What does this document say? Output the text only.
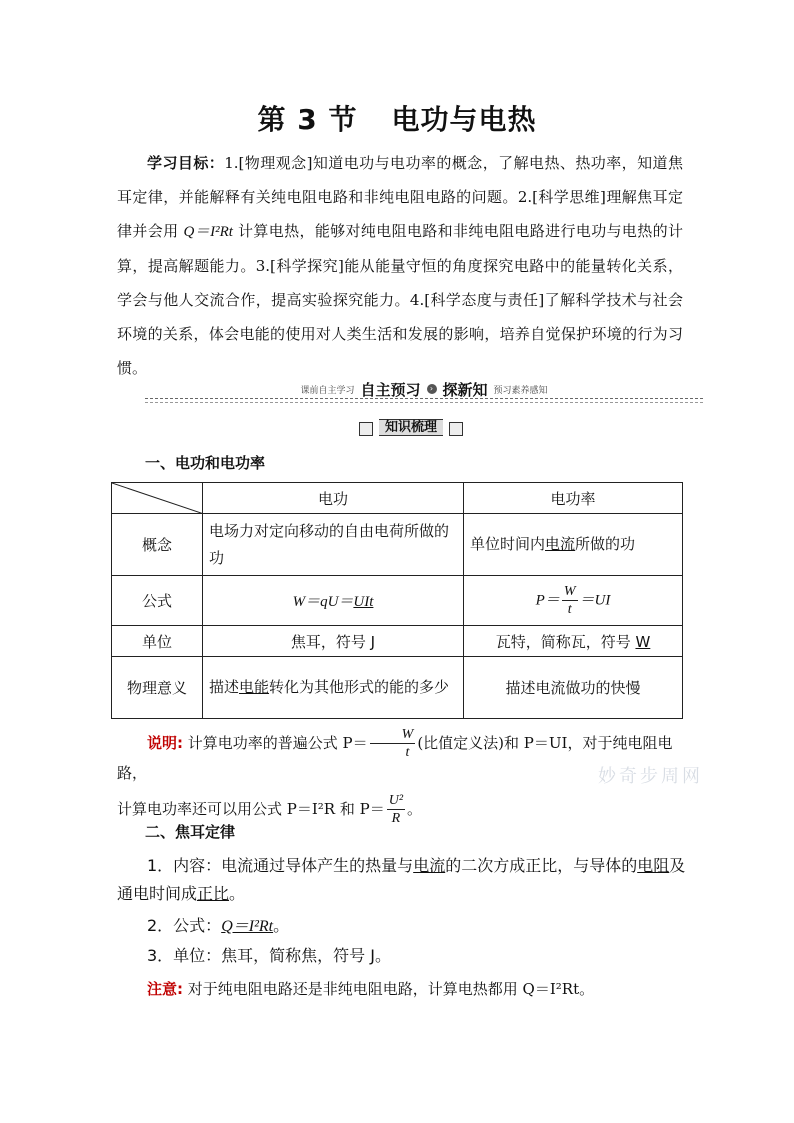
第 3 节 电功与电热
学习目标：1.[物理观念]知道电功与电功率的概念，了解电热、热功率，知道焦耳定律，并能解释有关纯电阻电路和非纯电阻电路的问题。2.[科学思维]理解焦耳定律并会用 Q＝I²Rt 计算电热，能够对纯电阻电路和非纯电阻电路进行电功与电热的计算，提高解题能力。3.[科学探究]能从能量守恒的角度探究电路中的能量转化关系，学会与他人交流合作，提高实验探究能力。4.[科学态度与责任]了解科学技术与社会环境的关系，体会电能的使用对人类生活和发展的影响，培养自觉保护环境的行为习惯。
课前自主学习 自主预习	› 探新知 预习素养感知
知识梳理
一、电功和电功率
	电功	电功率
概念	电场力对定向移动的自由电荷所做的功	单位时间内电流所做的功
公式	W＝qU＝UIt	$P= \frac{W}{t} =UI$
单位	焦耳，符号 J	瓦特，简称瓦，符号 W
物理意义	描述电能转化为其他形式的能的多少	描述电流做功的快慢
说明: 计算电功率的普遍公式 $P= \frac{W}{t}$ (比值定义法)和 P＝UI，对于纯电阻电路，
计算电功率还可以用公式 P＝I²R 和 $P= \frac{\text{U²}}{R}$ 。
妙奇步周网
二、焦耳定律
1．内容：电流通过导体产生的热量与电流的二次方成正比，与导体的电阻及
通电时间成正比。
2．公式：Q＝I²Rt。
3．单位：焦耳，简称焦，符号 J。
注意: 对于纯电阻电路还是非纯电阻电路，计算电热都用 Q＝I²Rt。
